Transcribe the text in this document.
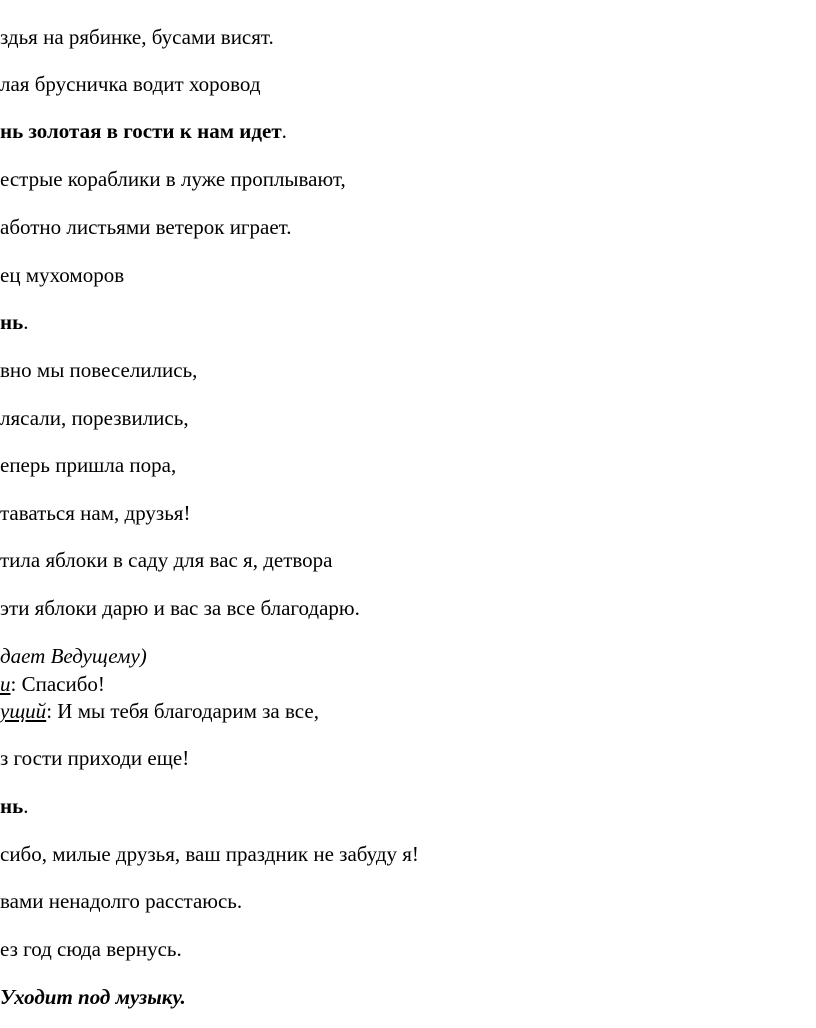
здья на рябинке, бусами висят.
лая брусничка водит хоровод
нь золотая в гости к нам идет.
естрые кораблики в луже проплывают,
аботно листьями ветерок играет.
ец мухоморов
нь.
вно мы повеселились,
лясали, порезвились,
еперь пришла пора,
таваться нам, друзья!
тила яблоки в саду для вас я, детвора
эти яблоки дарю и вас за все благодарю.
дает Ведущему)
и: Спасибо!
ущий: И мы тебя благодарим за все,
з гости приходи еще!
нь.
сибо, милые друзья, ваш праздник не забуду я!
вами ненадолго расстаюсь.
ез год сюда вернусь.
Уходит под музыку.
